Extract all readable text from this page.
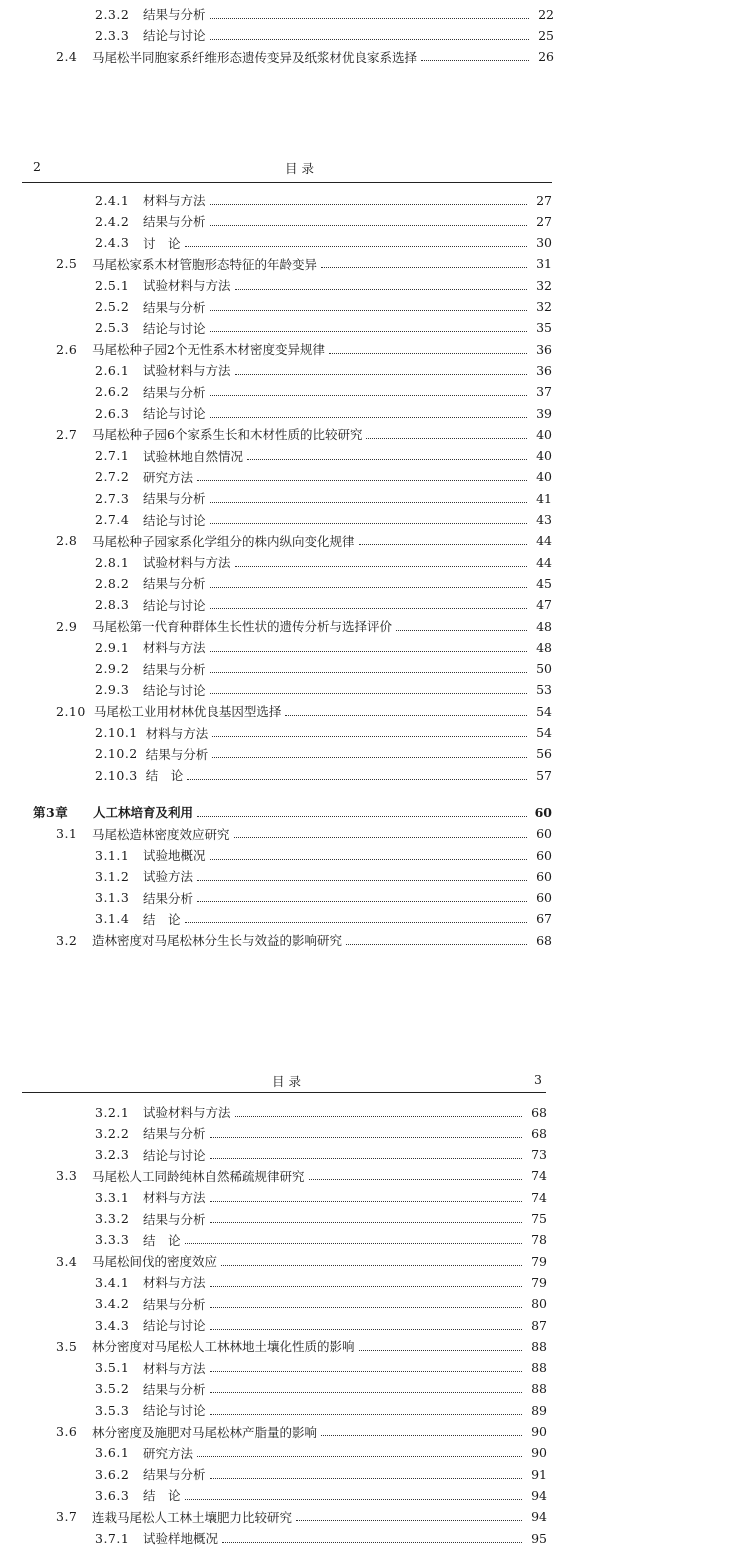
2.3.2	结果与分析	22
2.3.3	结论与讨论	25
2.4	马尾松半同胞家系纤维形态遗传变异及纸浆材优良家系选择	26
2	目 录
2.4.1	材料与方法	27
2.4.2	结果与分析	27
2.4.3	讨　论	30
2.5	马尾松家系木材管胞形态特征的年龄变异	31
2.5.1	试验材料与方法	32
2.5.2	结果与分析	32
2.5.3	结论与讨论	35
2.6	马尾松种子园2个无性系木材密度变异规律	36
2.6.1	试验材料与方法	36
2.6.2	结果与分析	37
2.6.3	结论与讨论	39
2.7	马尾松种子园6个家系生长和木材性质的比较研究	40
2.7.1	试验林地自然情况	40
2.7.2	研究方法	40
2.7.3	结果与分析	41
2.7.4	结论与讨论	43
2.8	马尾松种子园家系化学组分的株内纵向变化规律	44
2.8.1	试验材料与方法	44
2.8.2	结果与分析	45
2.8.3	结论与讨论	47
2.9	马尾松第一代育种群体生长性状的遗传分析与选择评价	48
2.9.1	材料与方法	48
2.9.2	结果与分析	50
2.9.3	结论与讨论	53
2.10 马尾松工业用材林优良基因型选择	54
2.10.1 材料与方法	54
2.10.2 结果与分析	56
2.10.3 结　论	57
第3章	人工林培育及利用	60
3.1	马尾松造林密度效应研究	60
3.1.1	试验地概况	60
3.1.2	试验方法	60
3.1.3	结果分析	60
3.1.4	结　论	67
3.2	造林密度对马尾松林分生长与效益的影响研究	68
目 录	3
3.2.1	试验材料与方法	68
3.2.2	结果与分析	68
3.2.3	结论与讨论	73
3.3	马尾松人工同龄纯林自然稀疏规律研究	74
3.3.1	材料与方法	74
3.3.2	结果与分析	75
3.3.3	结　论	78
3.4	马尾松间伐的密度效应	79
3.4.1	材料与方法	79
3.4.2	结果与分析	80
3.4.3	结论与讨论	87
3.5	林分密度对马尾松人工林林地土壤化性质的影响	88
3.5.1	材料与方法	88
3.5.2	结果与分析	88
3.5.3	结论与讨论	89
3.6	林分密度及施肥对马尾松林产脂量的影响	90
3.6.1	研究方法	90
3.6.2	结果与分析	91
3.6.3	结　论	94
3.7	连栽马尾松人工林土壤肥力比较研究	94
3.7.1	试验样地概况	95
